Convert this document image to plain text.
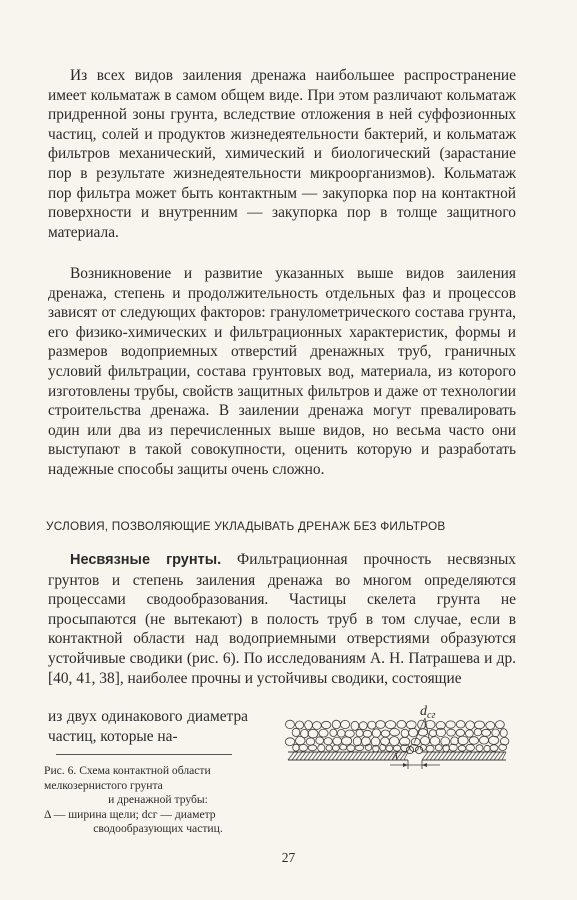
Из всех видов заиления дренажа наибольшее распространение имеет кольматаж в самом общем виде. При этом различают кольматаж придренной зоны грунта, вследствие отложения в ней суффозионных частиц, солей и продуктов жизнедеятельности бактерий, и кольматаж фильтров механический, химический и биологический (зарастание пор в результате жизнедеятельности микроорганизмов). Кольматаж пор фильтра может быть контактным — закупорка пор на контактной поверхности и внутренним — закупорка пор в толще защитного материала.

Возникновение и развитие указанных выше видов заиления дренажа, степень и продолжительность отдельных фаз и процессов зависят от следующих факторов: гранулометрического состава грунта, его физико-химических и фильтрационных характеристик, формы и размеров водоприемных отверстий дренажных труб, граничных условий фильтрации, состава грунтовых вод, материала, из которого изготовлены трубы, свойств защитных фильтров и даже от технологии строительства дренажа. В заилении дренажа могут превалировать один или два из перечисленных выше видов, но весьма часто они выступают в такой совокупности, оценить которую и разработать надежные способы защиты очень сложно.

УСЛОВИЯ, ПОЗВОЛЯЮЩИЕ УКЛАДЫВАТЬ ДРЕНАЖ БЕЗ ФИЛЬТРОВ

Несвязные грунты. Фильтрационная прочность несвязных грунтов и степень заиления дренажа во многом определяются процессами сводообразования. Частицы скелета грунта не просыпаются (не вытекают) в полость труб в том случае, если в контактной области над водоприемными отверстиями образуются устойчивые сводики (рис. 6). По исследованиям А. Н. Патрашева и др. [40, 41, 38], наиболее прочны и устойчивы сводики, состоящие

из двух одинакового диаметра частиц, которые на-

Δ
$d_{cг}$

Рис. 6. Схема контактной области мелкозернистого грунта
и дренажной трубы:
Δ — ширина щели; dсг — диаметр
сводообразующих частиц.

27
